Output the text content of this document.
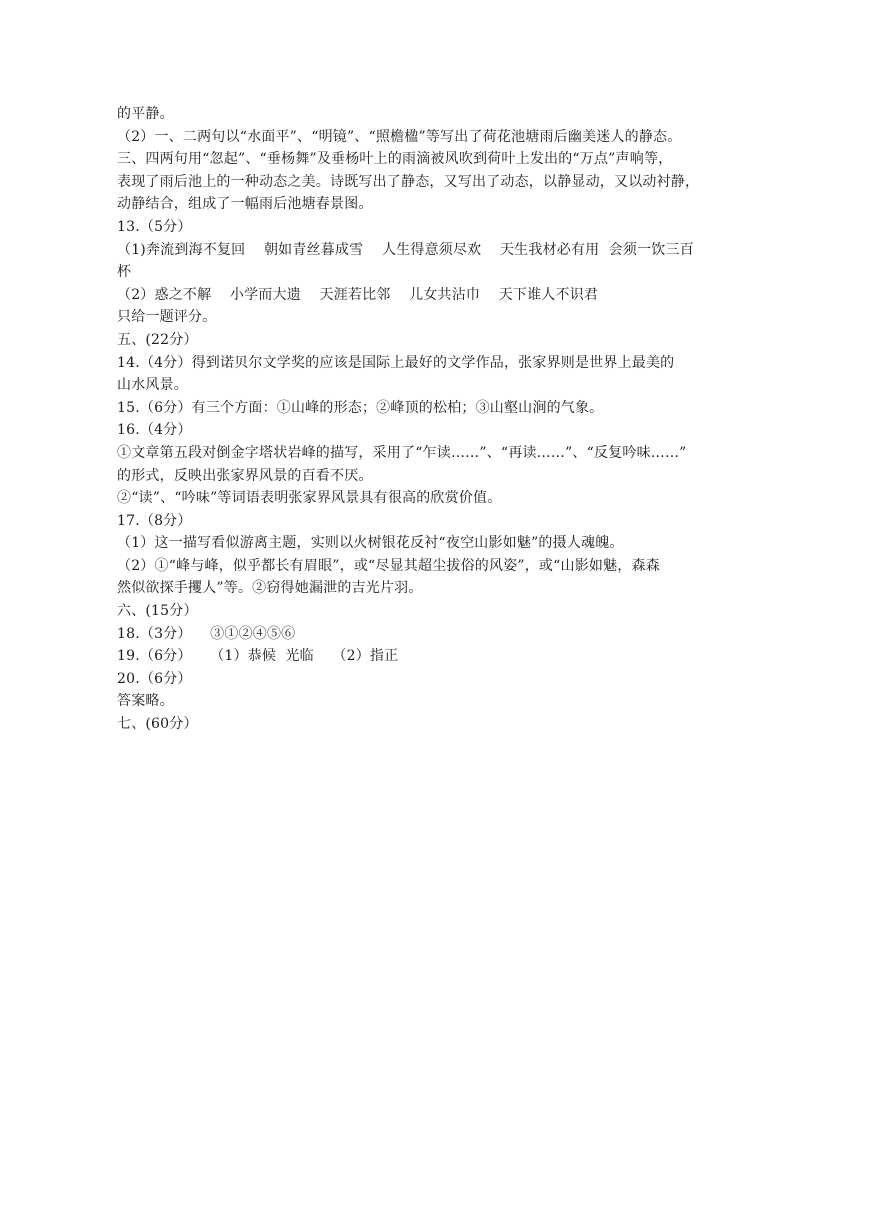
的平静。
（2）一、二两句以“水面平”、“明镜”、“照檐楹”等写出了荷花池塘雨后幽美迷人的静态。
三、四两句用“忽起”、“垂杨舞”及垂杨叶上的雨滴被风吹到荷叶上发出的“万点”声响等，
表现了雨后池上的一种动态之美。诗既写出了静态，又写出了动态，以静显动，又以动衬静，
动静结合，组成了一幅雨后池塘春景图。
13.（5分）
（1)奔流到海不复回    朝如青丝暮成雪    人生得意须尽欢    天生我材必有用  会须一饮三百
杯
（2）惑之不解    小学而大遗    天涯若比邻    儿女共沾巾    天下谁人不识君
只给一题评分。
五、(22分）
14.（4分）得到诺贝尔文学奖的应该是国际上最好的文学作品，张家界则是世界上最美的
山水风景。
15.（6分）有三个方面：①山峰的形态；②峰顶的松柏；③山壑山涧的气象。
16.（4分）
①文章第五段对倒金字塔状岩峰的描写，采用了“乍读……”、“再读……”、“反复吟味……”
的形式，反映出张家界风景的百看不厌。
②“读”、“吟味”等词语表明张家界风景具有很高的欣赏价值。
17.（8分）
（1）这一描写看似游离主题，实则以火树银花反衬“夜空山影如魅”的摄人魂魄。
（2）①“峰与峰，似乎都长有眉眼”，或“尽显其超尘拔俗的风姿”，或“山影如魅，森森
然似欲探手攫人”等。②窃得她漏泄的吉光片羽。
六、(15分）
18.（3分）    ③①②④⑤⑥
19.（6分）    （1）恭候  光临    （2）指正
20.（6分）
答案略。
七、(60分）
